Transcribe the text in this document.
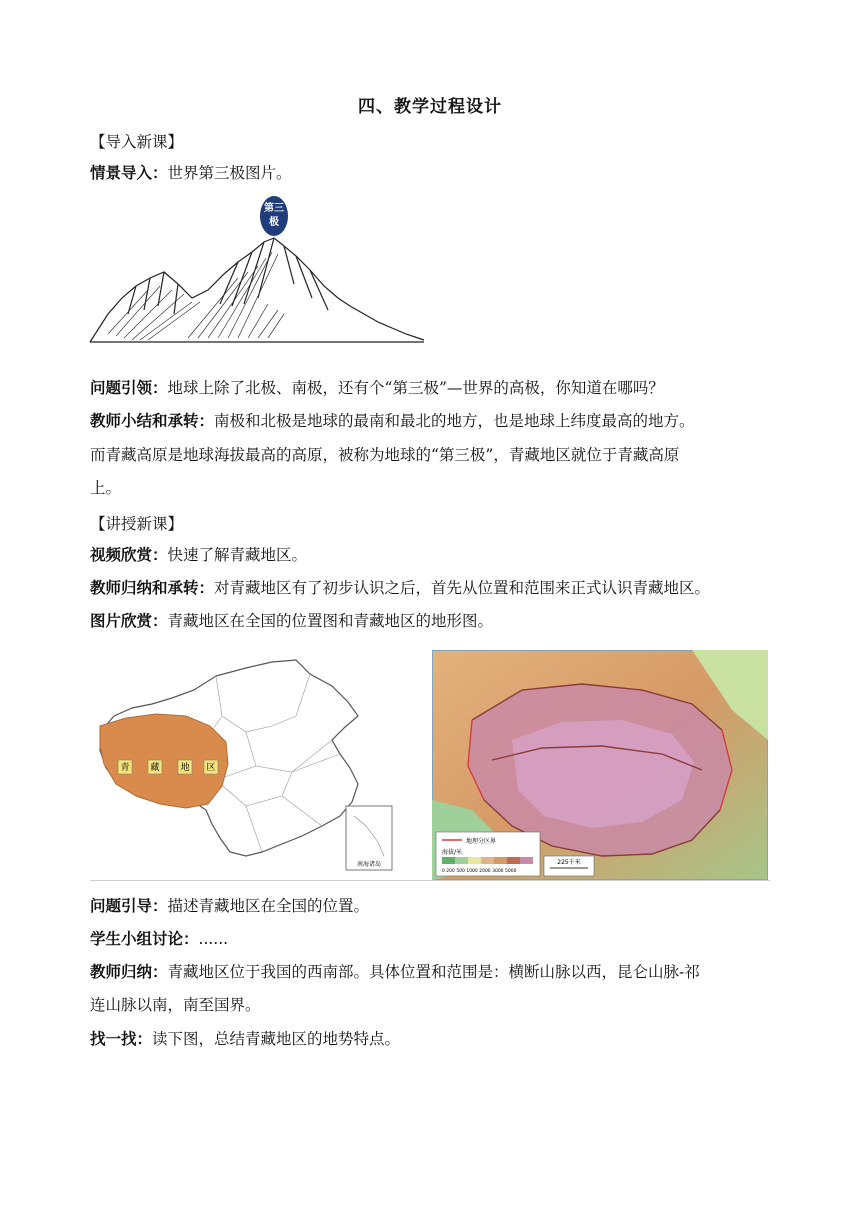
四、教学过程设计
【导入新课】
情景导入：世界第三极图片。
第三
极
问题引领：地球上除了北极、南极，还有个“第三极”—世界的高极，你知道在哪吗？
教师小结和承转：南极和北极是地球的最南和最北的地方，也是地球上纬度最高的地方。
而青藏高原是地球海拔最高的高原，被称为地球的“第三极”，青藏地区就位于青藏高原
上。
【讲授新课】
视频欣赏：快速了解青藏地区。
教师归纳和承转：对青藏地区有了初步认识之后，首先从位置和范围来正式认识青藏地区。
图片欣赏：青藏地区在全国的位置图和青藏地区的地形图。
青 藏 地 区
南海诸岛
地理分区界
海拔/米
0 200 500 1000 2000 3000 5000
225千米
问题引导：描述青藏地区在全国的位置。
学生小组讨论：......
教师归纳：青藏地区位于我国的西南部。具体位置和范围是：横断山脉以西，昆仑山脉-祁
连山脉以南，南至国界。
找一找：读下图，总结青藏地区的地势特点。
